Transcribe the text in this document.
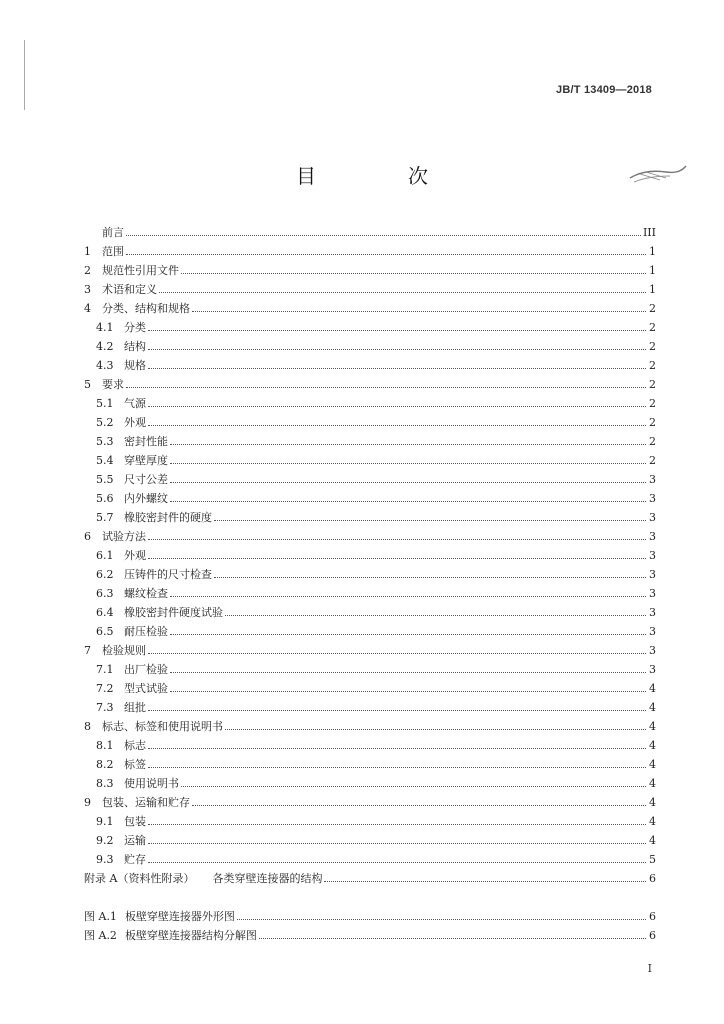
JB/T 13409—2018
目　次
前言	III
1	范围	1
2	规范性引用文件	1
3	术语和定义	1
4	分类、结构和规格	2
4.1 分类	2
4.2 结构	2
4.3 规格	2
5	要求	2
5.1 气源	2
5.2 外观	2
5.3 密封性能	2
5.4 穿壁厚度	2
5.5 尺寸公差	3
5.6 内外螺纹	3
5.7 橡胶密封件的硬度	3
6	试验方法	3
6.1 外观	3
6.2 压铸件的尺寸检查	3
6.3 螺纹检查	3
6.4 橡胶密封件硬度试验	3
6.5 耐压检验	3
7	检验规则	3
7.1 出厂检验	3
7.2 型式试验	4
7.3 组批	4
8	标志、标签和使用说明书	4
8.1 标志	4
8.2 标签	4
8.3 使用说明书	4
9	包装、运输和贮存	4
9.1 包装	4
9.2 运输	4
9.3 贮存	5
附录 A（资料性附录） 各类穿壁连接器的结构	6
图 A.1 板壁穿壁连接器外形图	6
图 A.2 板壁穿壁连接器结构分解图	6
I
